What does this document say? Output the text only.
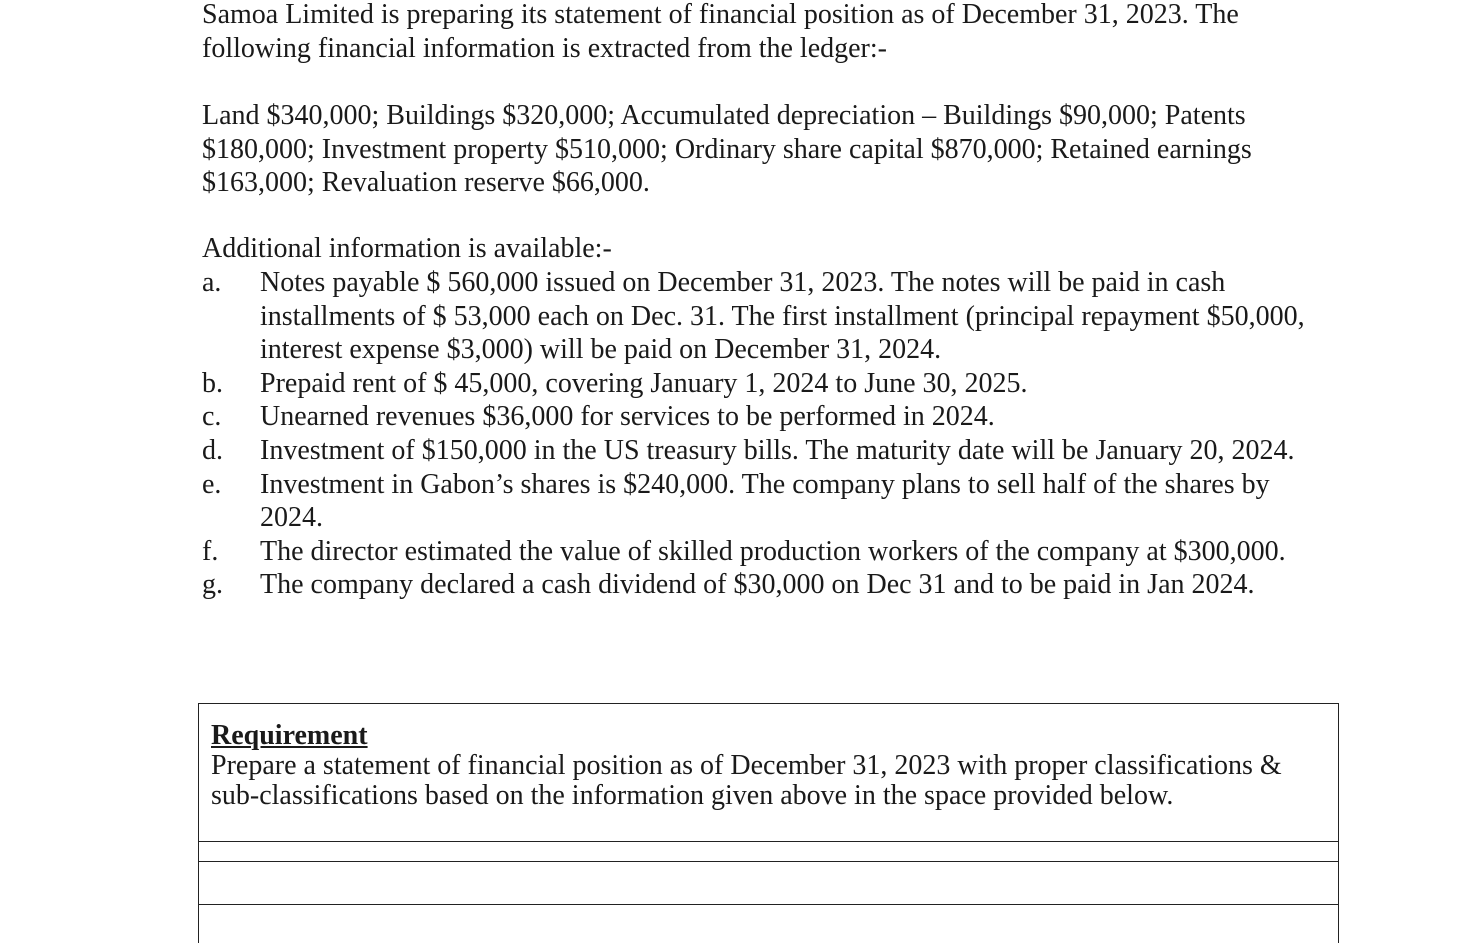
Samoa Limited is preparing its statement of financial position as of December 31, 2023. The following financial information is extracted from the ledger:-

Land $340,000; Buildings $320,000; Accumulated depreciation – Buildings $90,000; Patents $180,000; Investment property $510,000; Ordinary share capital $870,000; Retained earnings $163,000; Revaluation reserve $66,000.

Additional information is available:-

a. Notes payable $ 560,000 issued on December 31, 2023. The notes will be paid in cash installments of $ 53,000 each on Dec. 31. The first installment (principal repayment $50,000, interest expense $3,000) will be paid on December 31, 2024.
b. Prepaid rent of $ 45,000, covering January 1, 2024 to June 30, 2025.
c. Unearned revenues $36,000 for services to be performed in 2024.
d. Investment of $150,000 in the US treasury bills. The maturity date will be January 20, 2024.
e. Investment in Gabon’s shares is $240,000. The company plans to sell half of the shares by 2024.
f. The director estimated the value of skilled production workers of the company at $300,000.
g. The company declared a cash dividend of $30,000 on Dec 31 and to be paid in Jan 2024.

Requirement

Prepare a statement of financial position as of December 31, 2023 with proper classifications & sub-classifications based on the information given above in the space provided below.
